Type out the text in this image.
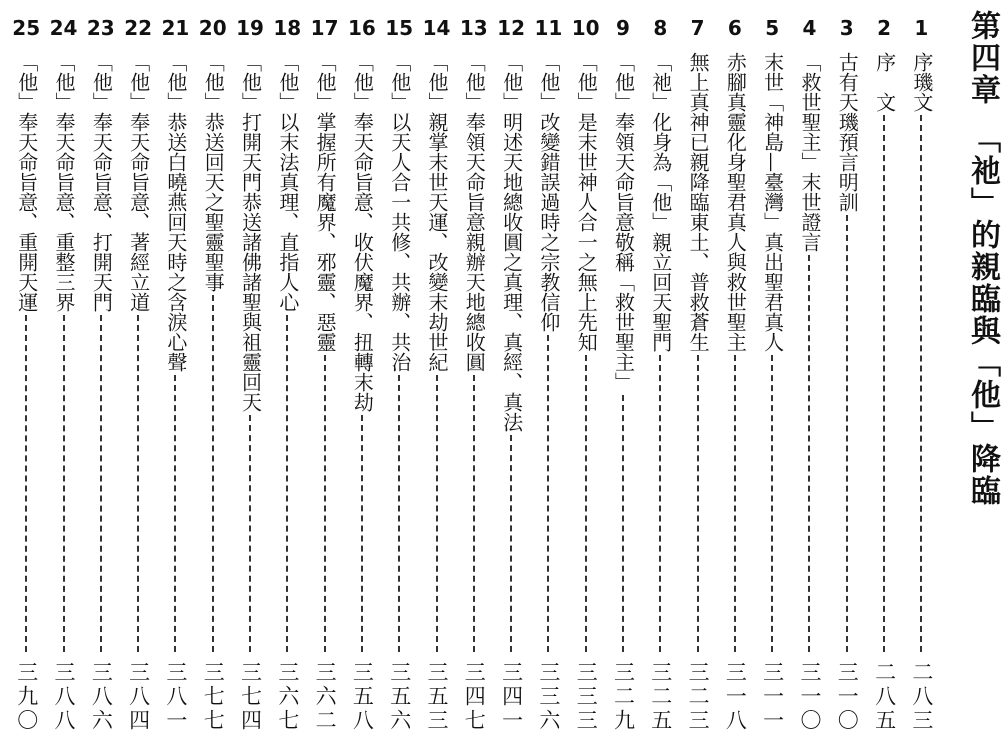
第四章　「祂」的親臨與「他」降臨
1
序璣文
二八三
2
序　文
二八五
3
古有天璣預言明訓
三一〇
4
「救世聖主」末世證言
三一〇
5
末世「神島—臺灣」真出聖君真人
三一一
6
赤腳真靈化身聖君真人與救世聖主
三一八
7
無上真神已親降臨東土、普救蒼生
三二三
8
「祂」化身為「他」親立回天聖門
三二五
9
「他」奉領天命旨意敬稱「救世聖主」
三二九
10
「他」是末世神人合一之無上先知
三三三
11
「他」改變錯誤過時之宗教信仰
三三六
12
「他」明述天地總收圓之真理、真經、真法
三四一
13
「他」奉領天命旨意親辦天地總收圓
三四七
14
「他」親掌末世天運、改變末劫世紀
三五三
15
「他」以天人合一共修、共辦、共治
三五六
16
「他」奉天命旨意、收伏魔界、扭轉末劫
三五八
17
「他」掌握所有魔界、邪靈、惡靈
三六二
18
「他」以末法真理、直指人心
三六七
19
「他」打開天門恭送諸佛諸聖與祖靈回天
三七四
20
「他」恭送回天之聖靈聖事
三七七
21
「他」恭送白曉燕回天時之含淚心聲
三八一
22
「他」奉天命旨意、著經立道
三八四
23
「他」奉天命旨意、打開天門
三八六
24
「他」奉天命旨意、重整三界
三八八
25
「他」奉天命旨意、重開天運
三九〇
